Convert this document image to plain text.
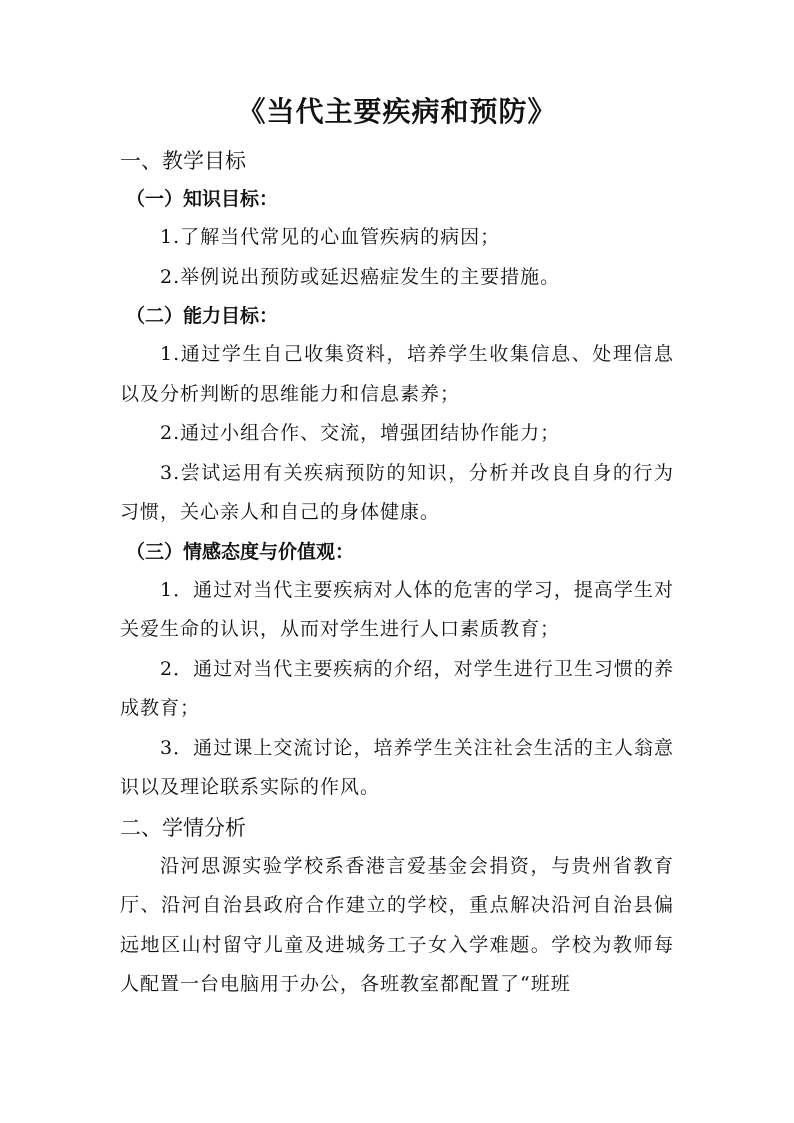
《当代主要疾病和预防》
一、教学目标
（一）知识目标：

1.了解当代常见的心血管疾病的病因；

2.举例说出预防或延迟癌症发生的主要措施。

（二）能力目标：

1.通过学生自己收集资料，培养学生收集信息、处理信息以及分析判断的思维能力和信息素养；

2.通过小组合作、交流，增强团结协作能力；

3.尝试运用有关疾病预防的知识，分析并改良自身的行为习惯，关心亲人和自己的身体健康。

（三）情感态度与价值观：

1．通过对当代主要疾病对人体的危害的学习，提高学生对关爱生命的认识，从而对学生进行人口素质教育；

2．通过对当代主要疾病的介绍，对学生进行卫生习惯的养成教育；

3．通过课上交流讨论，培养学生关注社会生活的主人翁意识以及理论联系实际的作风。

二、学情分析

沿河思源实验学校系香港言爱基金会捐资，与贵州省教育厅、沿河自治县政府合作建立的学校，重点解决沿河自治县偏远地区山村留守儿童及进城务工子女入学难题。学校为教师每人配置一台电脑用于办公，各班教室都配置了“班班
